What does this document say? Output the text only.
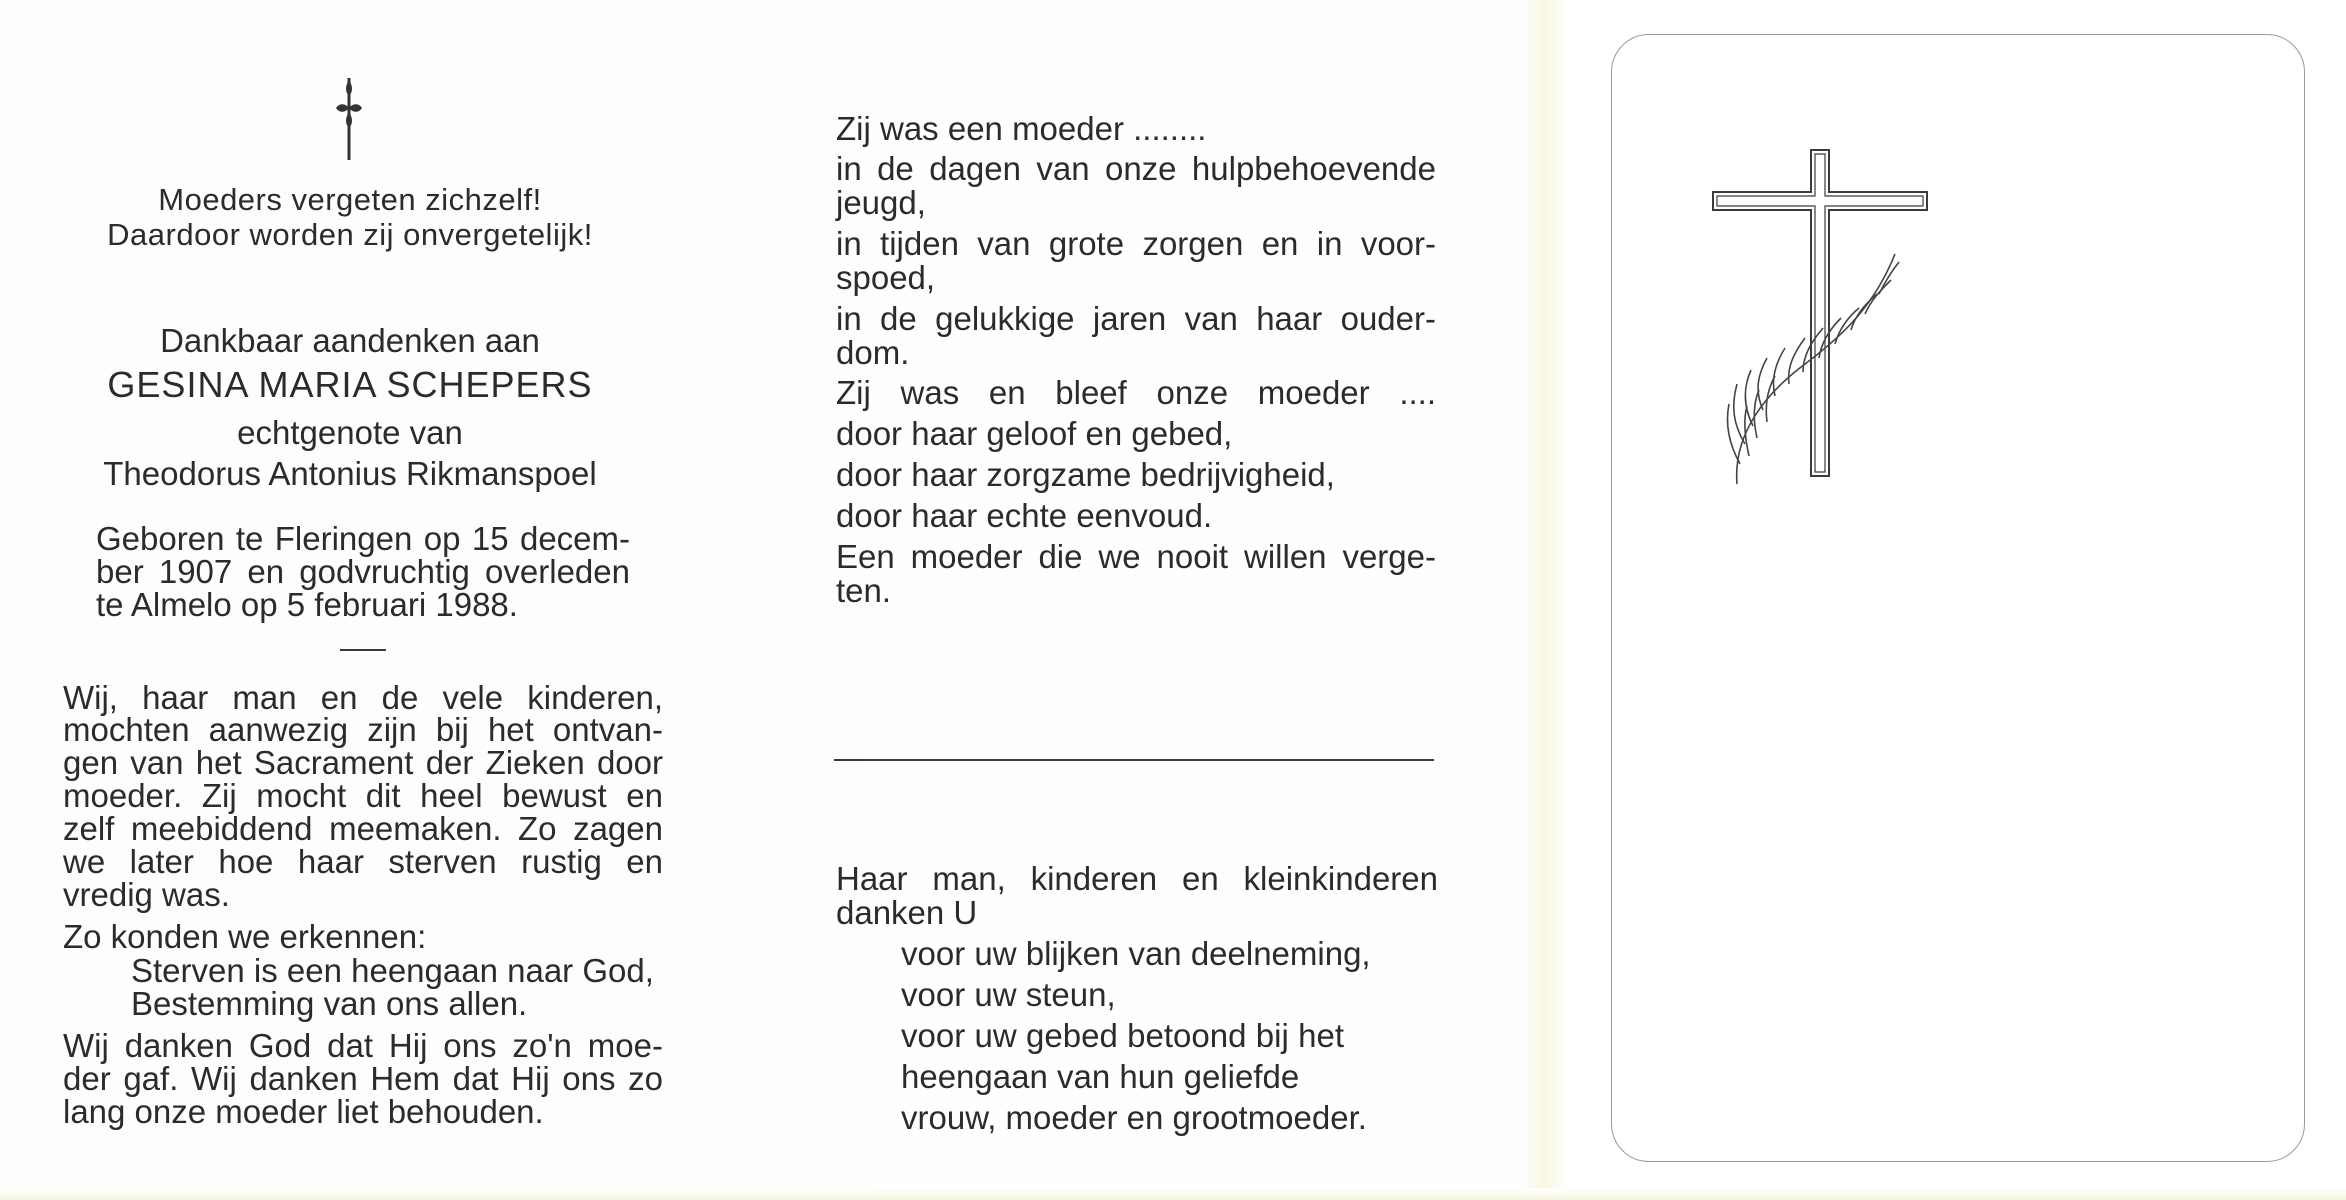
Moeders vergeten zichzelf!
Daardoor worden zij onvergetelijk!
Dankbaar aandenken aan
GESINA MARIA SCHEPERS
echtgenote van
Theodorus Antonius Rikmanspoel
Geboren te Fleringen op 15 decem-
ber 1907 en godvruchtig overleden
te Almelo op 5 februari 1988.
Wij, haar man en de vele kinderen,
mochten aanwezig zijn bij het ontvan-
gen van het Sacrament der Zieken door
moeder. Zij mocht dit heel bewust en
zelf meebiddend meemaken. Zo zagen
we later hoe haar sterven rustig en
vredig was.
Zo konden we erkennen:
Sterven is een heengaan naar God,
Bestemming van ons allen.
Wij danken God dat Hij ons zo'n moe-
der gaf. Wij danken Hem dat Hij ons zo
lang onze moeder liet behouden.
Zij was een moeder ........
in de dagen van onze hulpbehoevende
jeugd,
in tijden van grote zorgen en in voor-
spoed,
in de gelukkige jaren van haar ouder-
dom.
Zij was en bleef onze moeder ....
door haar geloof en gebed,
door haar zorgzame bedrijvigheid,
door haar echte eenvoud.
Een moeder die we nooit willen verge-
ten.
Haar man, kinderen en kleinkinderen
danken U
voor uw blijken van deelneming,
voor uw steun,
voor uw gebed betoond bij het
heengaan van hun geliefde
vrouw, moeder en grootmoeder.
